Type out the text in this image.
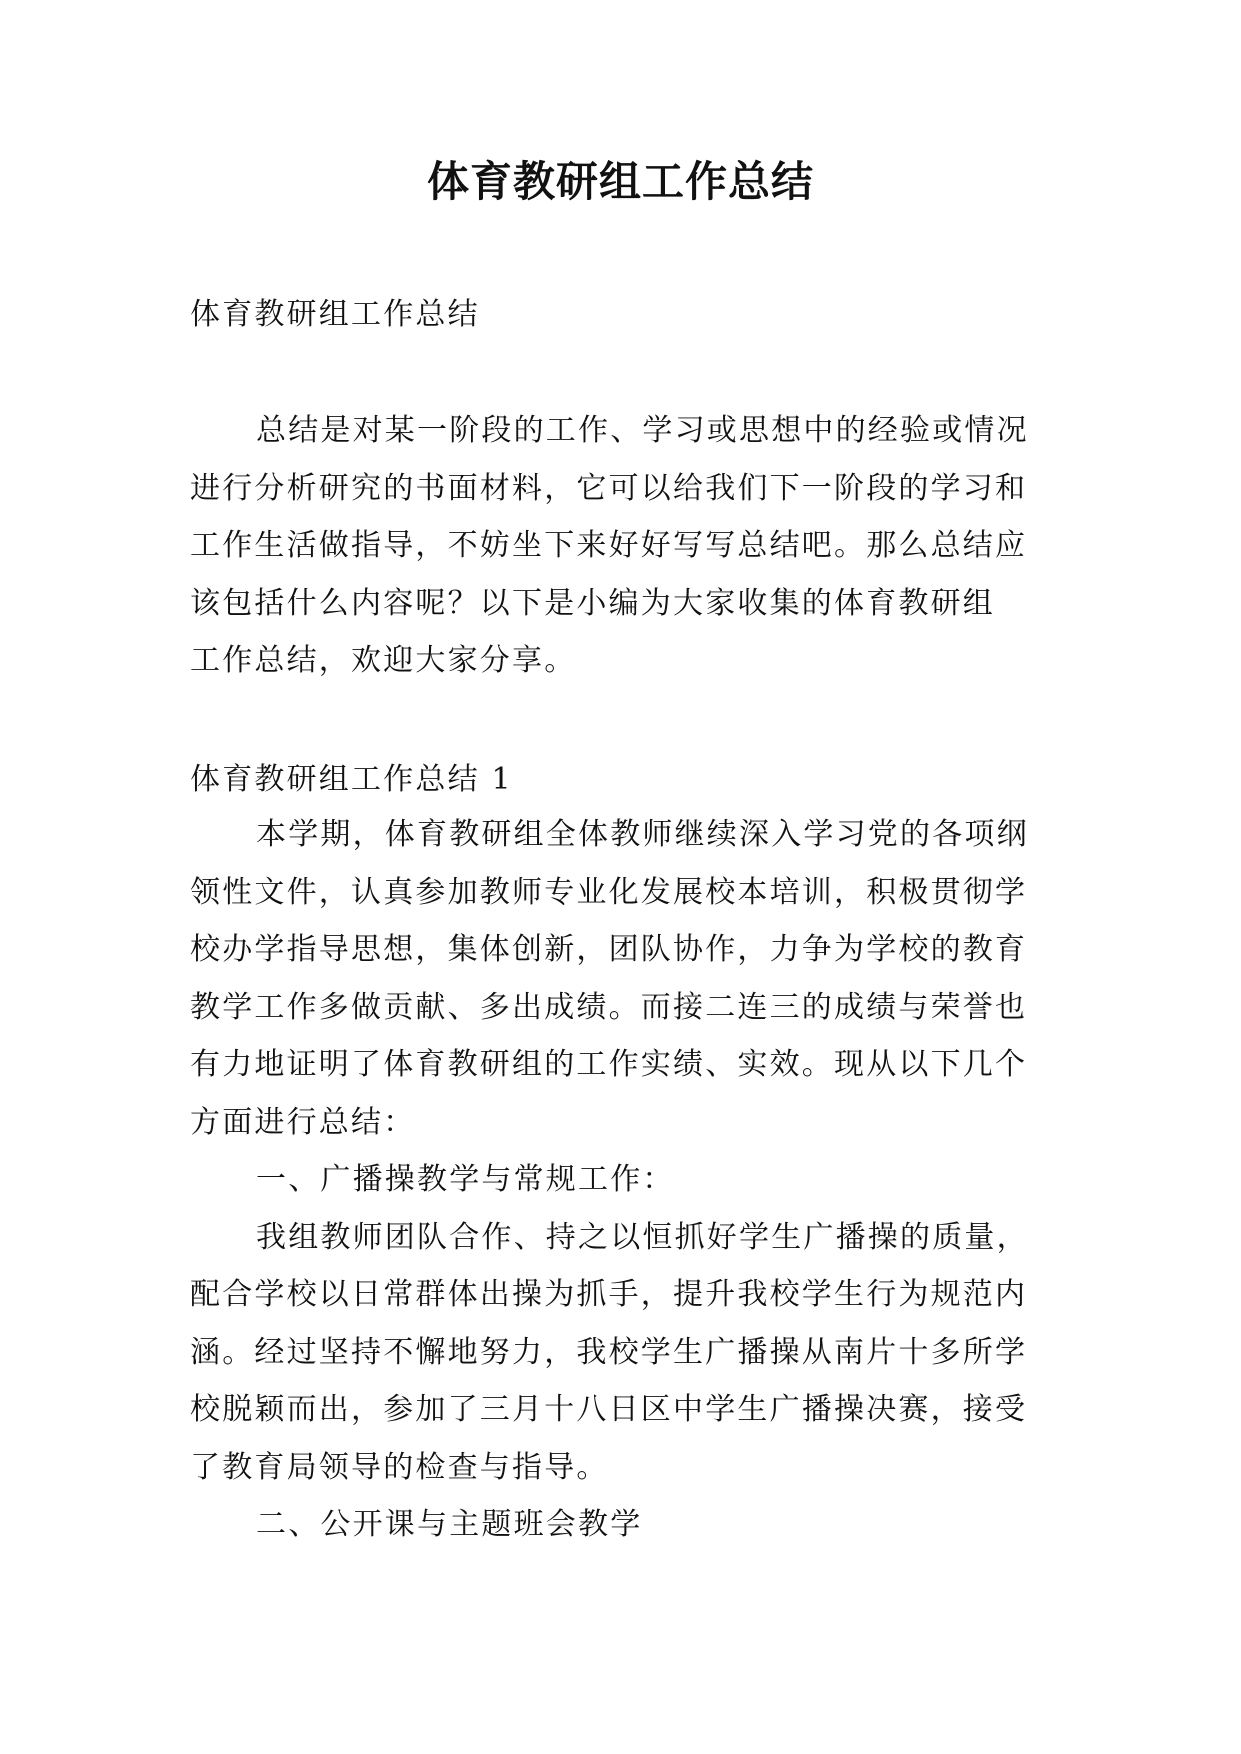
体育教研组工作总结

体育教研组工作总结

总结是对某一阶段的工作、学习或思想中的经验或情况
进行分析研究的书面材料，它可以给我们下一阶段的学习和
工作生活做指导，不妨坐下来好好写写总结吧。那么总结应
该包括什么内容呢？以下是小编为大家收集的体育教研组
工作总结，欢迎大家分享。

体育教研组工作总结 1

本学期，体育教研组全体教师继续深入学习党的各项纲
领性文件，认真参加教师专业化发展校本培训，积极贯彻学
校办学指导思想，集体创新，团队协作，力争为学校的教育
教学工作多做贡献、多出成绩。而接二连三的成绩与荣誉也
有力地证明了体育教研组的工作实绩、实效。现从以下几个
方面进行总结：
一、广播操教学与常规工作：
我组教师团队合作、持之以恒抓好学生广播操的质量，
配合学校以日常群体出操为抓手，提升我校学生行为规范内
涵。经过坚持不懈地努力，我校学生广播操从南片十多所学
校脱颖而出，参加了三月十八日区中学生广播操决赛，接受
了教育局领导的检查与指导。
二、公开课与主题班会教学
